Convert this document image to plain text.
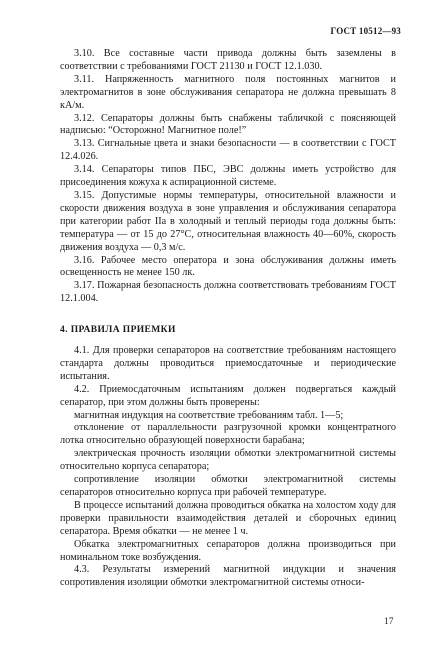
ГОСТ 10512—93

3.10. Все составные части привода должны быть заземлены в соответствии с требованиями ГОСТ 21130 и ГОСТ 12.1.030.

3.11. Напряженность магнитного поля постоянных магнитов и электромагнитов в зоне обслуживания сепаратора не должна превышать 8 кА/м.

3.12. Сепараторы должны быть снабжены табличкой с поясняющей надписью: “Осторожно! Магнитное поле!”

3.13. Сигнальные цвета и знаки безопасности — в соответствии с ГОСТ 12.4.026.

3.14. Сепараторы типов ПБС, ЭВС должны иметь устройство для присоединения кожуха к аспирационной системе.

3.15. Допустимые нормы температуры, относительной влажности и скорости движения воздуха в зоне управления и обслуживания сепаратора при категории работ IIa в холодный и теплый периоды года должны быть: температура — от 15 до 27°С, относительная влажность 40—60%, скорость движения воздуха — 0,3 м/с.

3.16. Рабочее место оператора и зона обслуживания должны иметь освещенность не менее 150 лк.

3.17. Пожарная безопасность должна соответствовать требованиям ГОСТ 12.1.004.

4. ПРАВИЛА ПРИЕМКИ

4.1. Для проверки сепараторов на соответствие требованиям настоящего стандарта должны проводиться приемосдаточные и периодические испытания.

4.2. Приемосдаточным испытаниям должен подвергаться каждый сепаратор, при этом должны быть проверены:

магнитная индукция на соответствие требованиям табл. 1—5;

отклонение от параллельности разгрузочной кромки концентратного лотка относительно образующей поверхности барабана;

электрическая прочность изоляции обмотки электромагнитной системы относительно корпуса сепаратора;

сопротивление изоляции обмотки электромагнитной системы сепараторов относительно корпуса при рабочей температуре.

В процессе испытаний должна проводиться обкатка на холостом ходу для проверки правильности взаимодействия деталей и сборочных единиц сепаратора. Время обкатки — не менее 1 ч.

Обкатка электромагнитных сепараторов должна производиться при номинальном токе возбуждения.

4.3. Результаты измерений магнитной индукции и значения сопротивления изоляции обмотки электромагнитной системы относи-

17
